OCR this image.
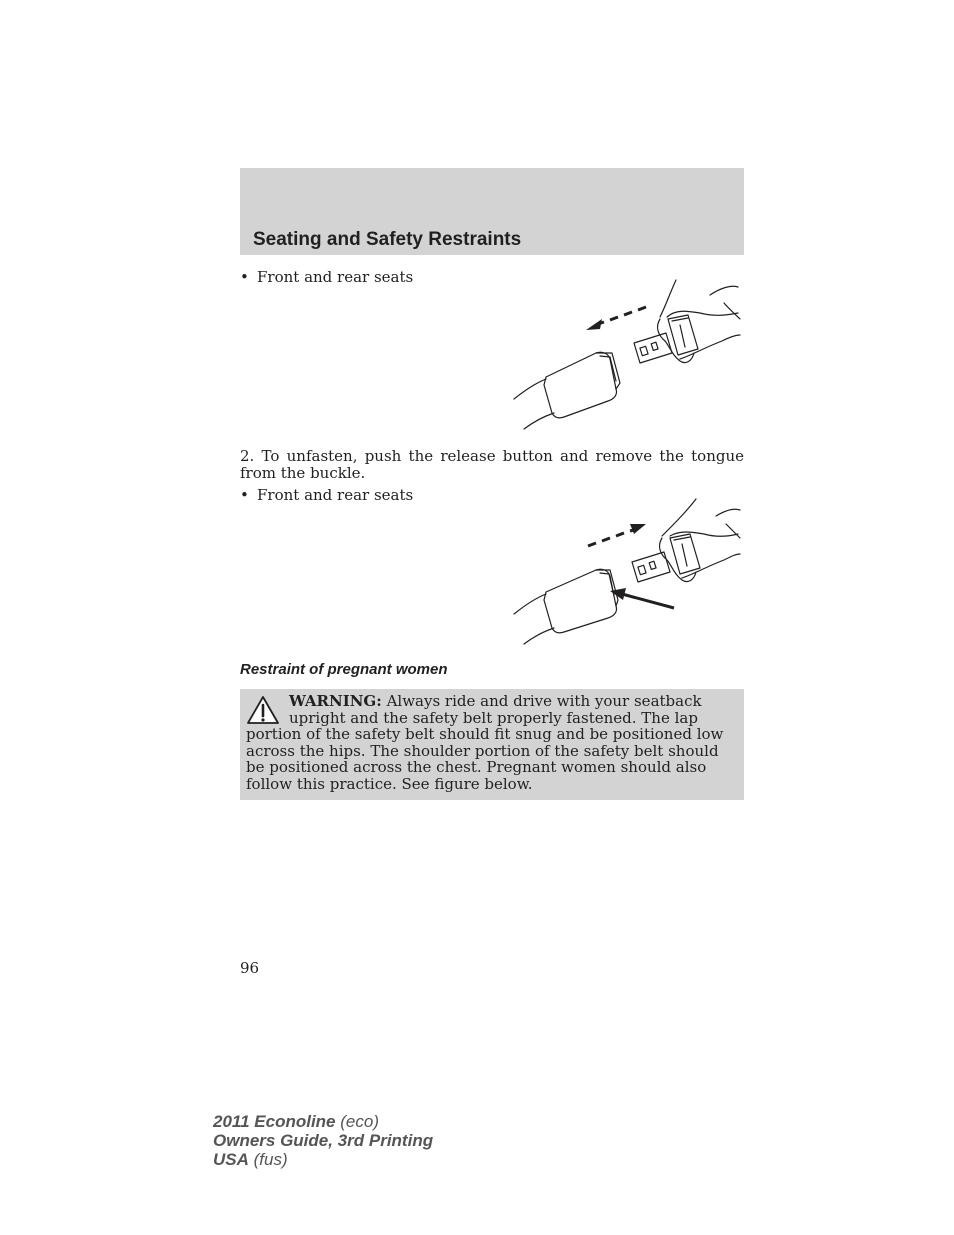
Seating and Safety Restraints
• Front and rear seats

2. To unfasten, push the release button and remove the tongue from the buckle.

• Front and rear seats
Restraint of pregnant women

WARNING: Always ride and drive with your seatback upright and the safety belt properly fastened. The lap portion of the safety belt should fit snug and be positioned low across the hips. The shoulder portion of the safety belt should be positioned across the chest. Pregnant women should also follow this practice. See figure below.

96
2011 Econoline (eco)
Owners Guide, 3rd Printing
USA (fus)
